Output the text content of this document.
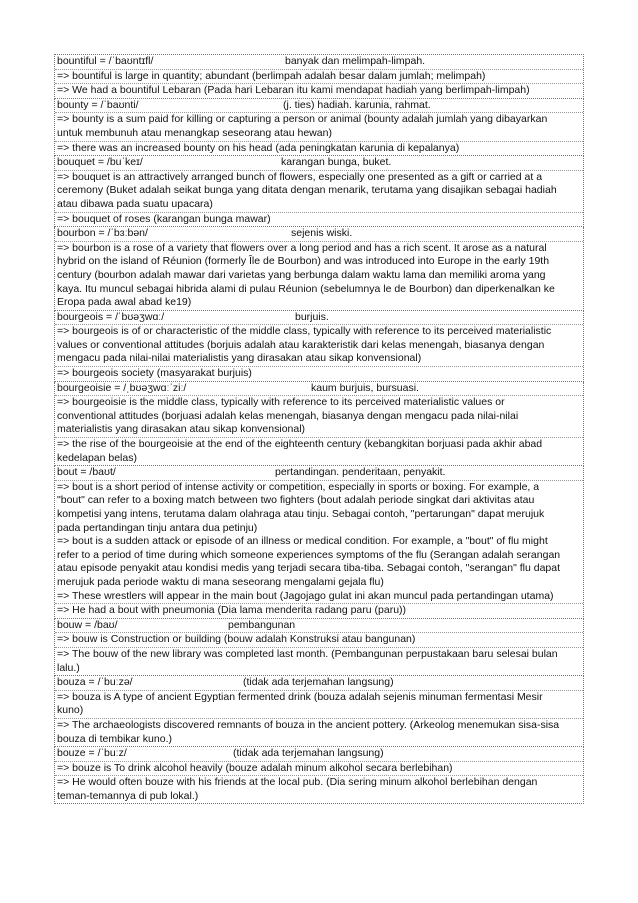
bountiful = /ˈbaʊntɪfl/	banyak dan melimpah-limpah.
=> bountiful is large in quantity; abundant (berlimpah adalah besar dalam jumlah; melimpah)
=> We had a bountiful Lebaran (Pada hari Lebaran itu kami mendapat hadiah yang berlimpah-limpah)
bounty = /ˈbaʊnti/	(j. ties) hadiah. karunia, rahmat.
=> bounty is a sum paid for killing or capturing a person or animal (bounty adalah jumlah yang dibayarkan
untuk membunuh atau menangkap seseorang atau hewan)
=> there was an increased bounty on his head (ada peningkatan karunia di kepalanya)
bouquet = /buˈkeɪ/	karangan bunga, buket.
=> bouquet is an attractively arranged bunch of flowers, especially one presented as a gift or carried at a
ceremony (Buket adalah seikat bunga yang ditata dengan menarik, terutama yang disajikan sebagai hadiah
atau dibawa pada suatu upacara)
=> bouquet of roses (karangan bunga mawar)
bourbon = /ˈbɜːbən/	sejenis wiski.
=> bourbon is a rose of a variety that flowers over a long period and has a rich scent. It arose as a natural
hybrid on the island of Réunion (formerly Île de Bourbon) and was introduced into Europe in the early 19th
century (bourbon adalah mawar dari varietas yang berbunga dalam waktu lama dan memiliki aroma yang
kaya. Itu muncul sebagai hibrida alami di pulau Réunion (sebelumnya le de Bourbon) dan diperkenalkan ke
Eropa pada awal abad ke19)
bourgeois = /ˈbʊəʒwɑː/	burjuis.
=> bourgeois is of or characteristic of the middle class, typically with reference to its perceived materialistic
values or conventional attitudes (borjuis adalah atau karakteristik dari kelas menengah, biasanya dengan
mengacu pada nilai-nilai materialistis yang dirasakan atau sikap konvensional)
=> bourgeois society (masyarakat burjuis)
bourgeoisie = /ˌbʊəʒwɑːˈziː/	kaum burjuis, bursuasi.
=> bourgeoisie is the middle class, typically with reference to its perceived materialistic values or
conventional attitudes (borjuasi adalah kelas menengah, biasanya dengan mengacu pada nilai-nilai
materialistis yang dirasakan atau sikap konvensional)
=> the rise of the bourgeoisie at the end of the eighteenth century (kebangkitan borjuasi pada akhir abad
kedelapan belas)
bout = /baʊt/	pertandingan. penderitaan, penyakit.
=> bout is a short period of intense activity or competition, especially in sports or boxing. For example, a
"bout" can refer to a boxing match between two fighters (bout adalah periode singkat dari aktivitas atau
kompetisi yang intens, terutama dalam olahraga atau tinju. Sebagai contoh, "pertarungan" dapat merujuk
pada pertandingan tinju antara dua petinju)
=> bout is a sudden attack or episode of an illness or medical condition. For example, a "bout" of flu might
refer to a period of time during which someone experiences symptoms of the flu (Serangan adalah serangan
atau episode penyakit atau kondisi medis yang terjadi secara tiba-tiba. Sebagai contoh, "serangan" flu dapat
merujuk pada periode waktu di mana seseorang mengalami gejala flu)
=> These wrestlers will appear in the main bout (Jagojago gulat ini akan muncul pada pertandingan utama)
=> He had a bout with pneumonia (Dia lama menderita radang paru (paru))
bouw = /baʊ/	pembangunan
=> bouw is Construction or building (bouw adalah Konstruksi atau bangunan)
=> The bouw of the new library was completed last month. (Pembangunan perpustakaan baru selesai bulan
lalu.)
bouza = /ˈbuːzə/	(tidak ada terjemahan langsung)
=> bouza is A type of ancient Egyptian fermented drink (bouza adalah sejenis minuman fermentasi Mesir
kuno)
=> The archaeologists discovered remnants of bouza in the ancient pottery. (Arkeolog menemukan sisa-sisa
bouza di tembikar kuno.)
bouze = /ˈbuːz/	(tidak ada terjemahan langsung)
=> bouze is To drink alcohol heavily (bouze adalah minum alkohol secara berlebihan)
=> He would often bouze with his friends at the local pub. (Dia sering minum alkohol berlebihan dengan
teman-temannya di pub lokal.)
